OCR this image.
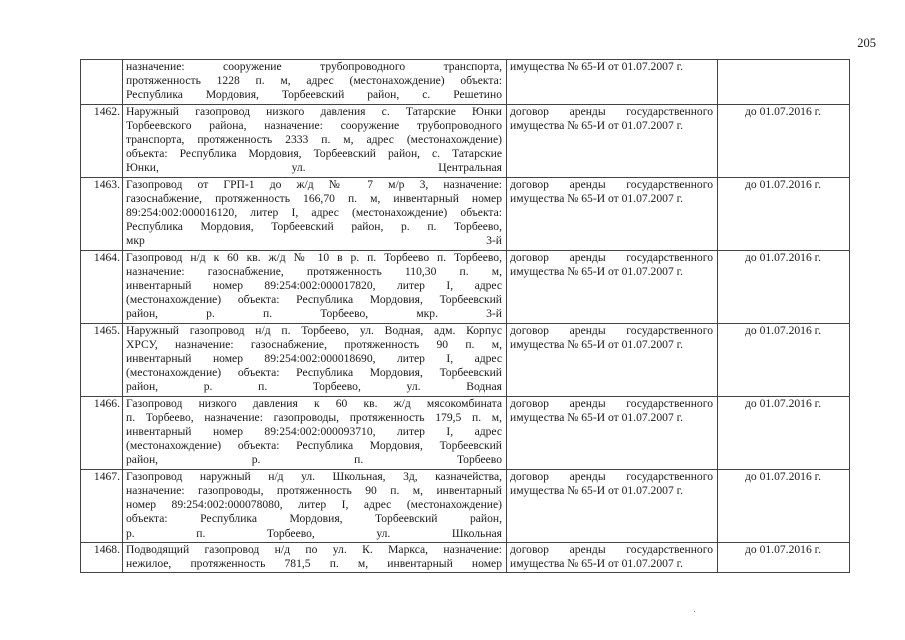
205

	назначение: сооружение трубопроводного транспорта,
протяженность 1228 п. м, адрес (местонахождение) объекта:
Республика Мордовия, Торбеевский район, с. Решетино	имущества № 65-И от 01.07.2007 г.	

1462.	Наружный газопровод низкого давления с. Татарские Юнки
Торбеевского района, назначение: сооружение трубопроводного
транспорта, протяженность 2333 п. м, адрес (местонахождение)
объекта: Республика Мордовия, Торбеевский район, с. Татарские
Юнки, ул. Центральная	договор аренды государственного
имущества № 65-И от 01.07.2007 г.	до 01.07.2016 г.
1463.	Газопровод от ГРП-1 до ж/д № 7 м/р 3, назначение:
газоснабжение, протяженность 166,70 п. м, инвентарный номер
89:254:002:000016120, литер I, адрес (местонахождение) объекта:
Республика Мордовия, Торбеевский район, р. п. Торбеево,
мкр 3-й	договор аренды государственного
имущества № 65-И от 01.07.2007 г.	до 01.07.2016 г.
1464.	Газопровод н/д к 60 кв. ж/д № 10 в р. п. Торбеево п. Торбеево,
назначение: газоснабжение, протяженность 110,30 п. м,
инвентарный номер 89:254:002:000017820, литер I, адрес
(местонахождение) объекта: Республика Мордовия, Торбеевский
район, р. п. Торбеево, мкр. 3-й	договор аренды государственного
имущества № 65-И от 01.07.2007 г.	до 01.07.2016 г.
1465.	Наружный газопровод н/д п. Торбеево, ул. Водная, адм. Корпус
ХРСУ, назначение: газоснабжение, протяженность 90 п. м,
инвентарный номер 89:254:002:000018690, литер I, адрес
(местонахождение) объекта: Республика Мордовия, Торбеевский
район, р. п. Торбеево, ул. Водная	договор аренды государственного
имущества № 65-И от 01.07.2007 г.	до 01.07.2016 г.
1466.	Газопровод низкого давления к 60 кв. ж/д мясокомбината
п. Торбеево, назначение: газопроводы, протяженность 179,5 п. м,
инвентарный номер 89:254:002:000093710, литер I, адрес
(местонахождение) объекта: Республика Мордовия, Торбеевский
район, р. п. Торбеево	договор аренды государственного
имущества № 65-И от 01.07.2007 г.	до 01.07.2016 г.
1467.	Газопровод наружный н/д ул. Школьная, 3д, казначейства,
назначение: газопроводы, протяженность 90 п. м, инвентарный
номер 89:254:002:000078080, литер I, адрес (местонахождение)
объекта: Республика Мордовия, Торбеевский район,
р. п. Торбеево, ул. Школьная	договор аренды государственного
имущества № 65-И от 01.07.2007 г.	до 01.07.2016 г.
1468.	Подводящий газопровод н/д по ул. К. Маркса, назначение:
нежилое, протяженность 781,5 п. м, инвентарный номер	договор аренды государственного
имущества № 65-И от 01.07.2007 г.	до 01.07.2016 г.
